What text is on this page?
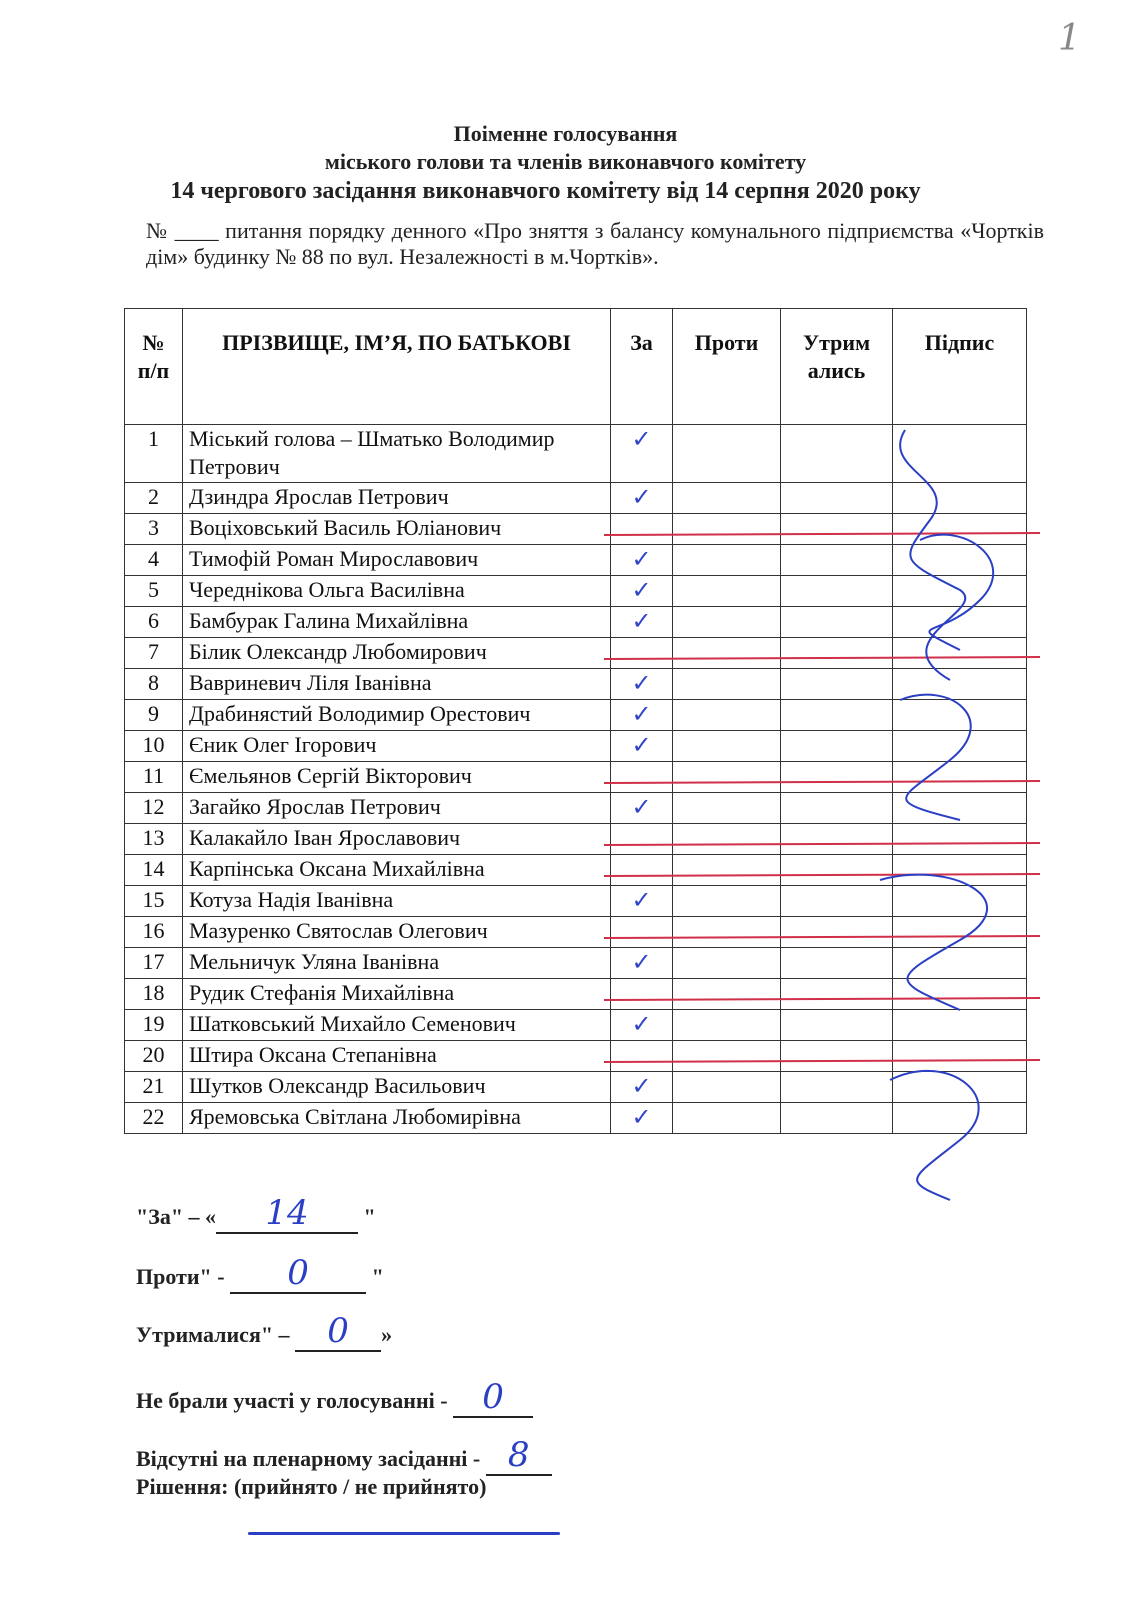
1
Поіменне голосування
міського голови та членів виконавчого комітету
14 чергового засідання виконавчого комітету від 14 серпня 2020 року
№ ____ питання порядку денного «Про зняття з балансу комунального підприємства «Чортків дім» будинку № 88 по вул. Незалежності в м.Чортків».
№ п/п	ПРІЗВИЩЕ, ІМ’Я, ПО БАТЬКОВІ	За	Проти	Утрим ались	Підпис
1	Міський голова – Шматько Володимир Петрович	✓			

2	Дзиндра Ярослав Петрович	✓			

3	Воціховський Василь Юліанович				
4	Тимофій Роман Мирославович	✓			

5	Череднікова Ольга Василівна	✓			

6	Бамбурак Галина Михайлівна	✓			

7	Білик Олександр Любомирович				
8	Вавриневич Ліля Іванівна	✓			

9	Драбинястий Володимир Орестович	✓			

10	Єник Олег Ігорович	✓			

11	Ємельянов Сергій Вікторович				
12	Загайко Ярослав Петрович	✓			

13	Калакайло Іван Ярославович				
14	Карпінська Оксана Михайлівна				
15	Котуза Надія Іванівна	✓			

16	Мазуренко Святослав Олегович				
17	Мельничук Уляна Іванівна	✓			

18	Рудик Стефанія Михайлівна				
19	Шатковський Михайло Семенович	✓			

20	Штира Оксана Степанівна				
21	Шутков Олександр Васильович	✓			

22	Яремовська Світлана Любомирівна	✓			

"За" – « 14 "
Проти" - 0	"
Утрималися" – 0 »
Не брали участі у голосуванні - 0
Відсутні на пленарному засіданні - 8
Рішення: (прийнято / не прийнято)
